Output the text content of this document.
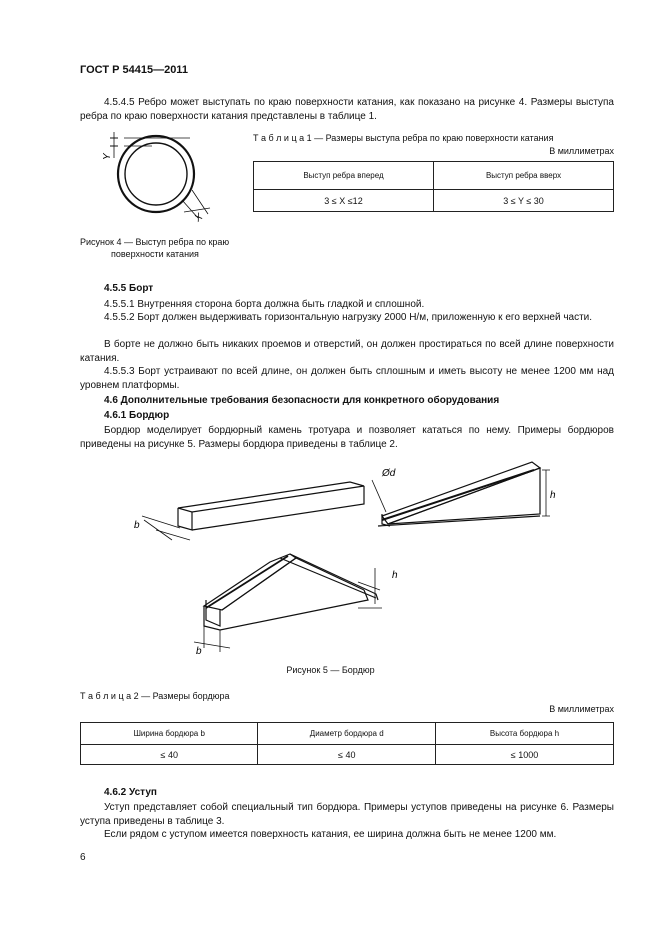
ГОСТ Р 54415—2011
4.5.4.5 Ребро может выступать по краю поверхности катания, как показано на рисунке 4. Размеры выступа ребра по краю поверхности катания представлены в таблице 1.
Y
X
Рисунок 4 — Выступ ребра по краю
поверхности катания
Т а б л и ц а 1 — Размеры выступа ребра по краю поверхности катания
В миллиметрах
Выступ ребра вперед	Выступ ребра вверх
3 ≤ X ≤12	3 ≤ Y ≤ 30
4.5.5 Борт
4.5.5.1 Внутренняя сторона борта должна быть гладкой и сплошной.
4.5.5.2 Борт должен выдерживать горизонтальную нагрузку 2000 Н/м, приложенную к его верхней части.
В борте не должно быть никаких проемов и отверстий, он должен простираться по всей длине поверхности катания.
4.5.5.3 Борт устраивают по всей длине, он должен быть сплошным и иметь высоту не менее 1200 мм над уровнем платформы.
4.6 Дополнительные требования безопасности для конкретного оборудования
4.6.1 Бордюр
Бордюр моделирует бордюрный камень тротуара и позволяет кататься по нему. Примеры бордюров приведены на рисунке 5. Размеры бордюра приведены в таблице 2.
b
Ød
h
h
b
Рисунок 5 — Бордюр
Т а б л и ц а 2 — Размеры бордюра
В миллиметрах
Ширина бордюра b	Диаметр бордюра d	Высота бордюра h
≤ 40	≤ 40	≤ 1000
4.6.2 Уступ
Уступ представляет собой специальный тип бордюра. Примеры уступов приведены на рисунке 6. Размеры уступа приведены в таблице 3.
Если рядом с уступом имеется поверхность катания, ее ширина должна быть не менее 1200 мм.
6
